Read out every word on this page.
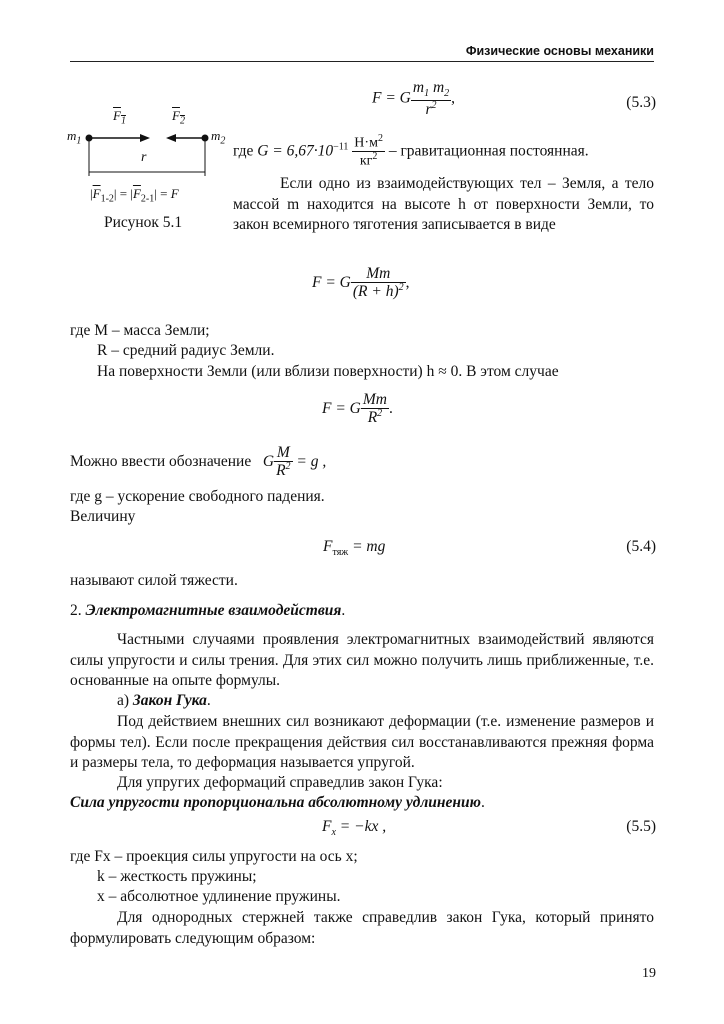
Физические основы механики
$m_1$	$m_2$
$F_1$	$F_2$
r
$|\overline{F}_{1-2}| = |\overline{F}_{2-1}| = F$
Рисунок 5.1
F = G $\frac{m_1 m_2}{r^2}$ ,	(5.3)
где $G = 6,67\cdot 10^{-11} \frac{Н\cdot м^2}{кг^2}$ – гравитационная постоянная.
Если одно из взаимодействующих тел – Земля, а тело массой m находится на высоте h от поверхности Земли, то закон всемирного тяготения записывается в виде
F = G $\frac{Mm}{(R + h)^2}$ ,
где M – масса Земли;
R – средний радиус Земли.
На поверхности Земли (или вблизи поверхности) h ≈ 0. В этом случае
F = G $\frac{Mm}{R^2}$ .
Можно ввести обозначение G $\frac{M}{R^2} = g$ ,
где g – ускорение свободного падения.
Величину
$F_{тяж}$ = mg	(5.4)
называют силой тяжести.
2. Электромагнитные взаимодействия.
Частными случаями проявления электромагнитных взаимодействий являются силы упругости и силы трения. Для этих сил можно получить лишь приближенные, т.е. основанные на опыте формулы.
а) Закон Гука.
Под действием внешних сил возникают деформации (т.е. изменение размеров и формы тел). Если после прекращения действия сил восстанавливаются прежняя форма и размеры тела, то деформация называется упругой.
Для упругих деформаций справедлив закон Гука:
Сила упругости пропорциональна абсолютному удлинению.
$F_x = -kx$ ,	(5.5)
где Fx – проекция силы упругости на ось x;
k – жесткость пружины;
x – абсолютное удлинение пружины.
Для однородных стержней также справедлив закон Гука, который принято формулировать следующим образом:
19
